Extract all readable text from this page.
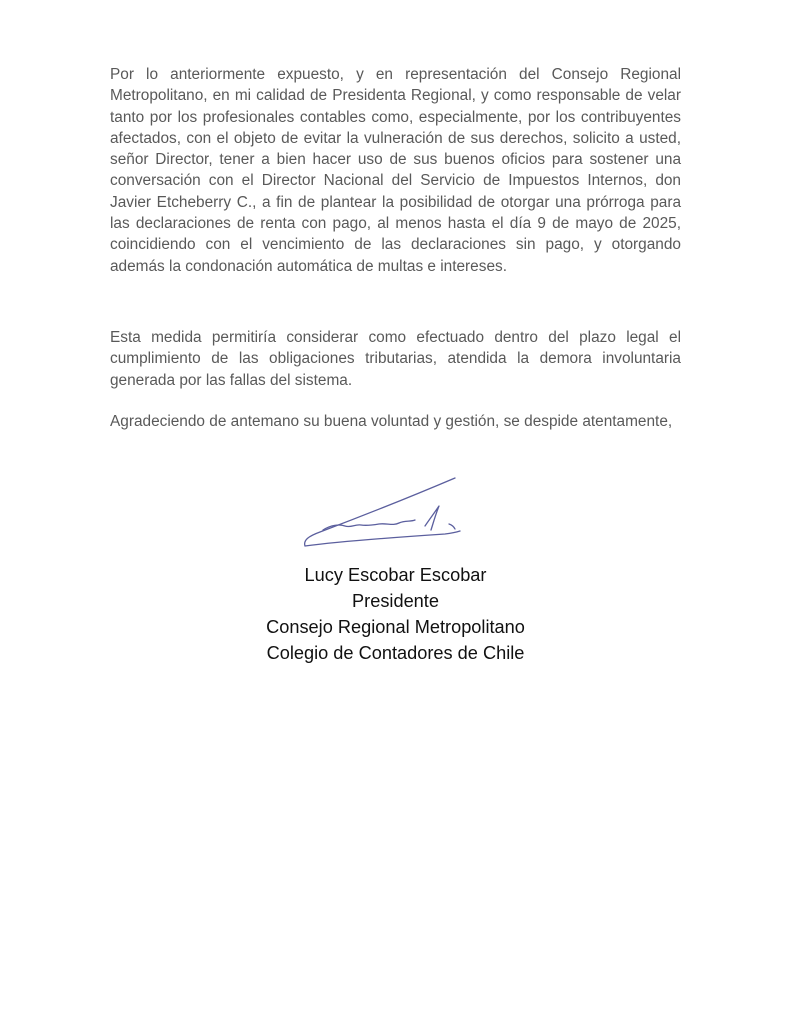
Por lo anteriormente expuesto, y en representación del Consejo Regional Metropolitano, en mi calidad de Presidenta Regional, y como responsable de velar tanto por los profesionales contables como, especialmente, por los contribuyentes afectados, con el objeto de evitar la vulneración de sus derechos, solicito a usted, señor Director, tener a bien hacer uso de sus buenos oficios para sostener una conversación con el Director Nacional del Servicio de Impuestos Internos, don Javier Etcheberry C., a fin de plantear la posibilidad de otorgar una prórroga para las declaraciones de renta con pago, al menos hasta el día 9 de mayo de 2025, coincidiendo con el vencimiento de las declaraciones sin pago, y otorgando además la condonación automática de multas e intereses.

Esta medida permitiría considerar como efectuado dentro del plazo legal el cumplimiento de las obligaciones tributarias, atendida la demora involuntaria generada por las fallas del sistema.

Agradeciendo de antemano su buena voluntad y gestión, se despide atentamente,

Lucy Escobar Escobar
Presidente
Consejo Regional Metropolitano
Colegio de Contadores de Chile
